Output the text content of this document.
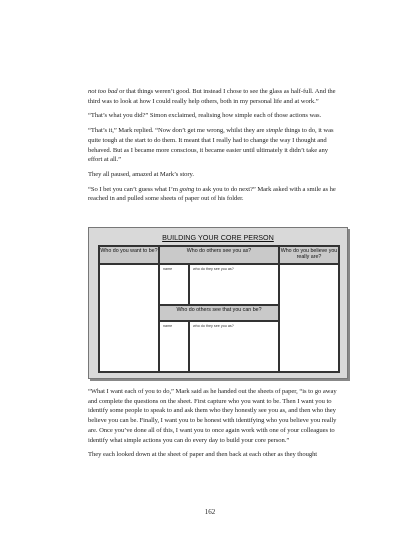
not too bad or that things weren’t good. But instead I chose to see the glass as half-full. And the third was to look at how I could really help others, both in my personal life and at work.”

“That’s what you did?” Simon exclaimed, realising how simple each of those actions was.

“That’s it,” Mark replied. “Now don’t get me wrong, whilst they are simple things to do, it was quite tough at the start to do them. It meant that I really had to change the way I thought and behaved. But as I became more conscious, it became easier until ultimately it didn’t take any effort at all.”

They all paused, amazed at Mark’s story.

“So I bet you can’t guess what I’m going to ask you to do next?” Mark asked with a smile as he reached in and pulled some sheets of paper out of his folder.

BUILDING YOUR CORE PERSON
Who do you want to be?	Who do others see you as?	Who do you believe you really are?
name	who do they see you as?
Who do others see that you can be?
name	who do they see you as?

“What I want each of you to do,” Mark said as he handed out the sheets of paper, “is to go away and complete the questions on the sheet. First capture who you want to be. Then I want you to identify some people to speak to and ask them who they honestly see you as, and then who they believe you can be. Finally, I want you to be honest with identifying who you believe you really are. Once you’ve done all of this, I want you to once again work with one of your colleagues to identify what simple actions you can do every day to build your core person.”

They each looked down at the sheet of paper and then back at each other as they thought

162
